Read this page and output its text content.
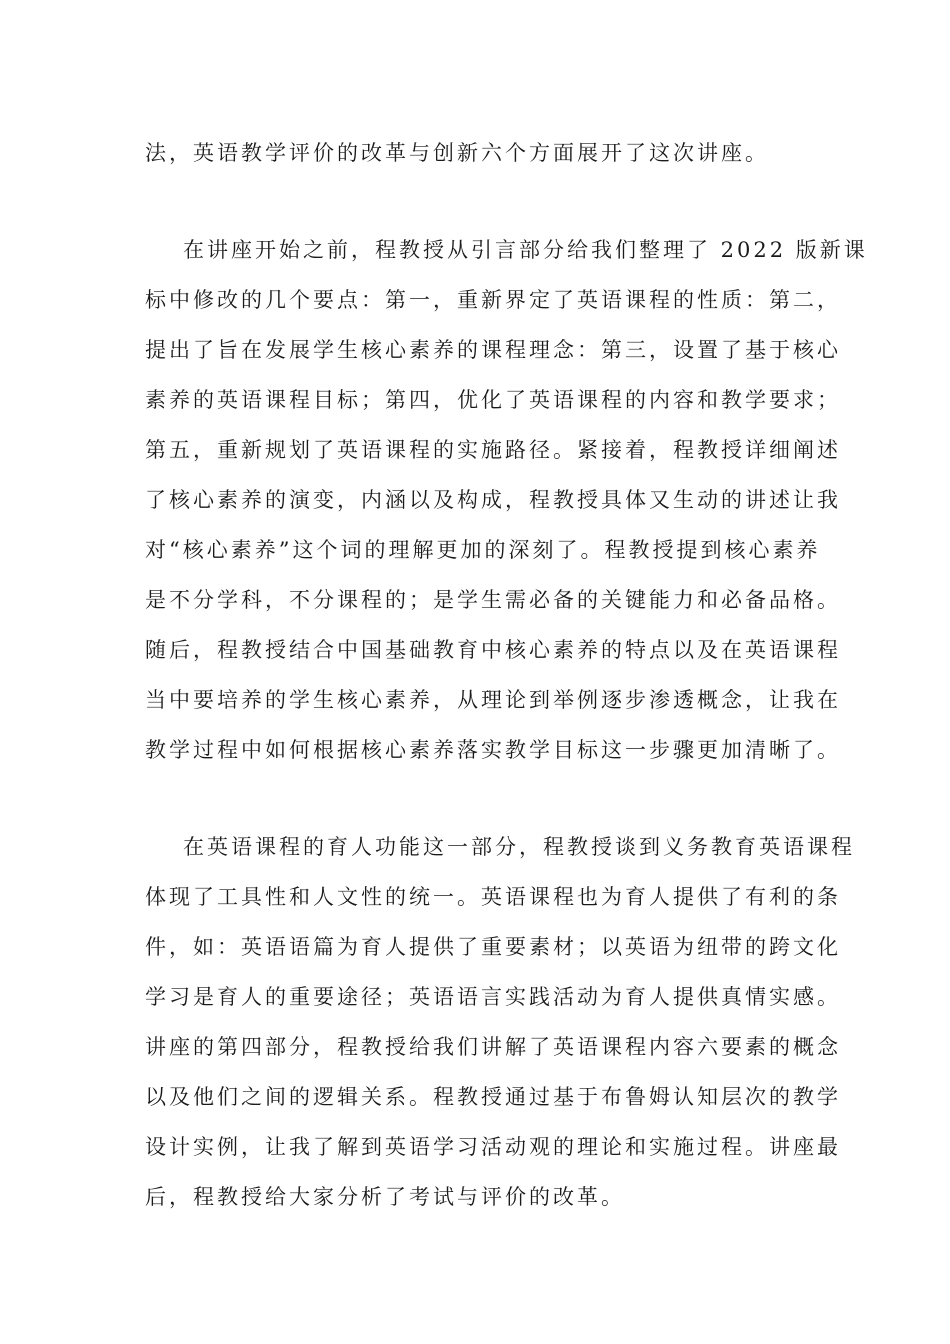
法，英语教学评价的改革与创新六个方面展开了这次讲座。
在讲座开始之前，程教授从引言部分给我们整理了 2022 版新课
标中修改的几个要点：第一，重新界定了英语课程的性质：第二，
提出了旨在发展学生核心素养的课程理念：第三，设置了基于核心
素养的英语课程目标；第四，优化了英语课程的内容和教学要求；
第五，重新规划了英语课程的实施路径。紧接着，程教授详细阐述
了核心素养的演变，内涵以及构成，程教授具体又生动的讲述让我
对“核心素养”这个词的理解更加的深刻了。程教授提到核心素养
是不分学科，不分课程的；是学生需必备的关键能力和必备品格。
随后，程教授结合中国基础教育中核心素养的特点以及在英语课程
当中要培养的学生核心素养，从理论到举例逐步渗透概念，让我在
教学过程中如何根据核心素养落实教学目标这一步骤更加清晰了。
在英语课程的育人功能这一部分，程教授谈到义务教育英语课程
体现了工具性和人文性的统一。英语课程也为育人提供了有利的条
件，如：英语语篇为育人提供了重要素材；以英语为纽带的跨文化
学习是育人的重要途径；英语语言实践活动为育人提供真情实感。
讲座的第四部分，程教授给我们讲解了英语课程内容六要素的概念
以及他们之间的逻辑关系。程教授通过基于布鲁姆认知层次的教学
设计实例，让我了解到英语学习活动观的理论和实施过程。讲座最
后，程教授给大家分析了考试与评价的改革。
